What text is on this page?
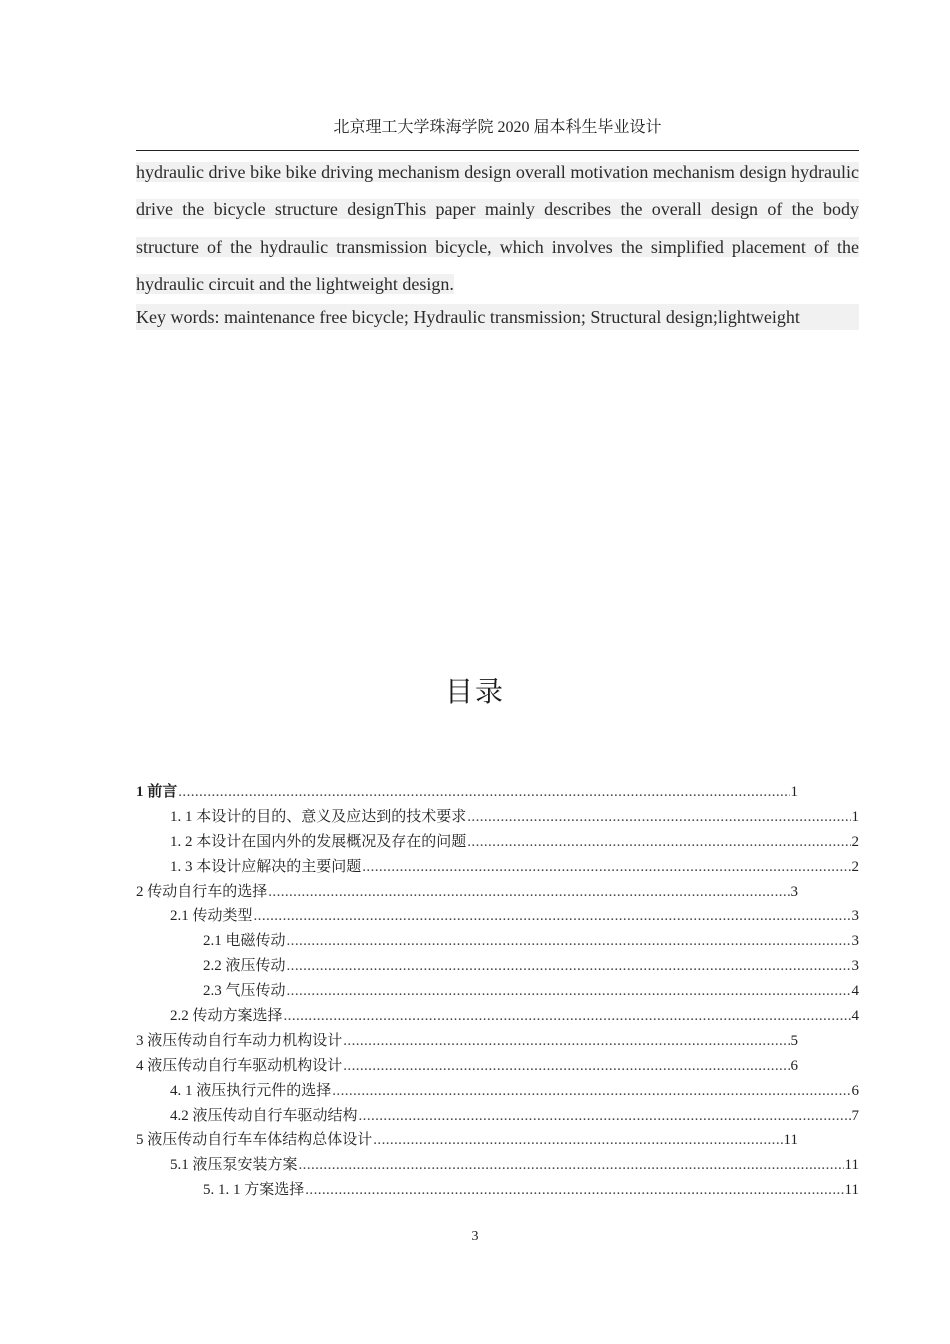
北京理工大学珠海学院 2020 届本科生毕业设计

hydraulic drive bike bike driving mechanism design overall motivation mechanism design hydraulic drive the bicycle structure designThis paper mainly describes the overall design of the body structure of the hydraulic transmission bicycle, which involves the simplified placement of the hydraulic circuit and the lightweight design.

Key words: maintenance free bicycle; Hydraulic transmission; Structural design;lightweight
目录
1 前言 .....	1
1. 1 本设计的目的、意义及应达到的技术要求 .....	1
1. 2 本设计在国内外的发展概况及存在的问题 .....	2
1. 3 本设计应解决的主要问题 .....	2
2 传动自行车的选择 .....	3
2.1 传动类型 .....	3
2.1 电磁传动 .....	3
2.2 液压传动 .....	3
2.3 气压传动 .....	4
2.2 传动方案选择 .....	4
3 液压传动自行车动力机构设计 .....	5
4 液压传动自行车驱动机构设计 .....	6
4. 1 液压执行元件的选择 .....	6
4.2 液压传动自行车驱动结构 .....	7
5 液压传动自行车车体结构总体设计 .....	11
5.1 液压泵安装方案 .....	11
5. 1. 1 方案选择 .....	11
3
